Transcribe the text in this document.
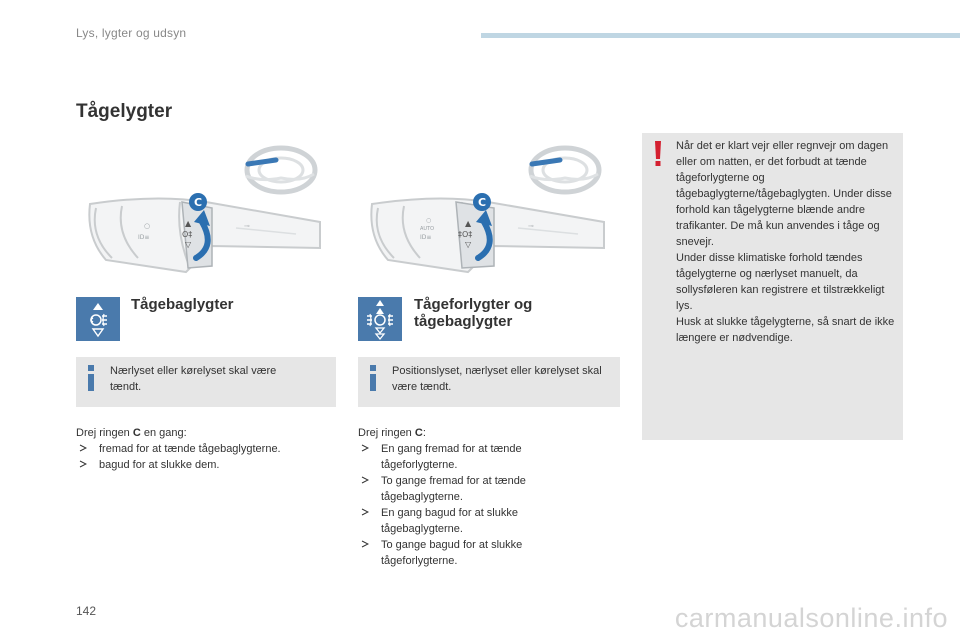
Lys, lygter og udsyn
Tågelygter
○
ID≡
▲
O‡
▽
⊸
C
○
AUTO
ID≡
▲
‡O‡
▽
⊸
C
Tågebaglygter	Tågeforlygter og tågebaglygter
Nærlyset eller kørelyset skal være tændt.
Positionslyset, nærlyset eller kørelyset skal være tændt.
Drej ringen C en gang:
fremad for at tænde tågebaglygterne.
bagud for at slukke dem.
Drej ringen C:
En gang fremad for at tænde tågeforlygterne.
To gange fremad for at tænde tågebaglygterne.
En gang bagud for at slukke tågebaglygterne.
To gange bagud for at slukke tågeforlygterne.

Når det er klart vejr eller regnvejr om dagen eller om natten, er det forbudt at tænde tågeforlygterne og tågebaglygterne/tågebaglygten. Under disse forhold kan tågelygterne blænde andre trafikanter. De må kun anvendes i tåge og snevejr.

Under disse klimatiske forhold tændes tågelygterne og nærlyset manuelt, da sollysføleren kan registrere et tilstrækkeligt lys.

Husk at slukke tågelygterne, så snart de ikke længere er nødvendige.

142	carmanualsonline.info
